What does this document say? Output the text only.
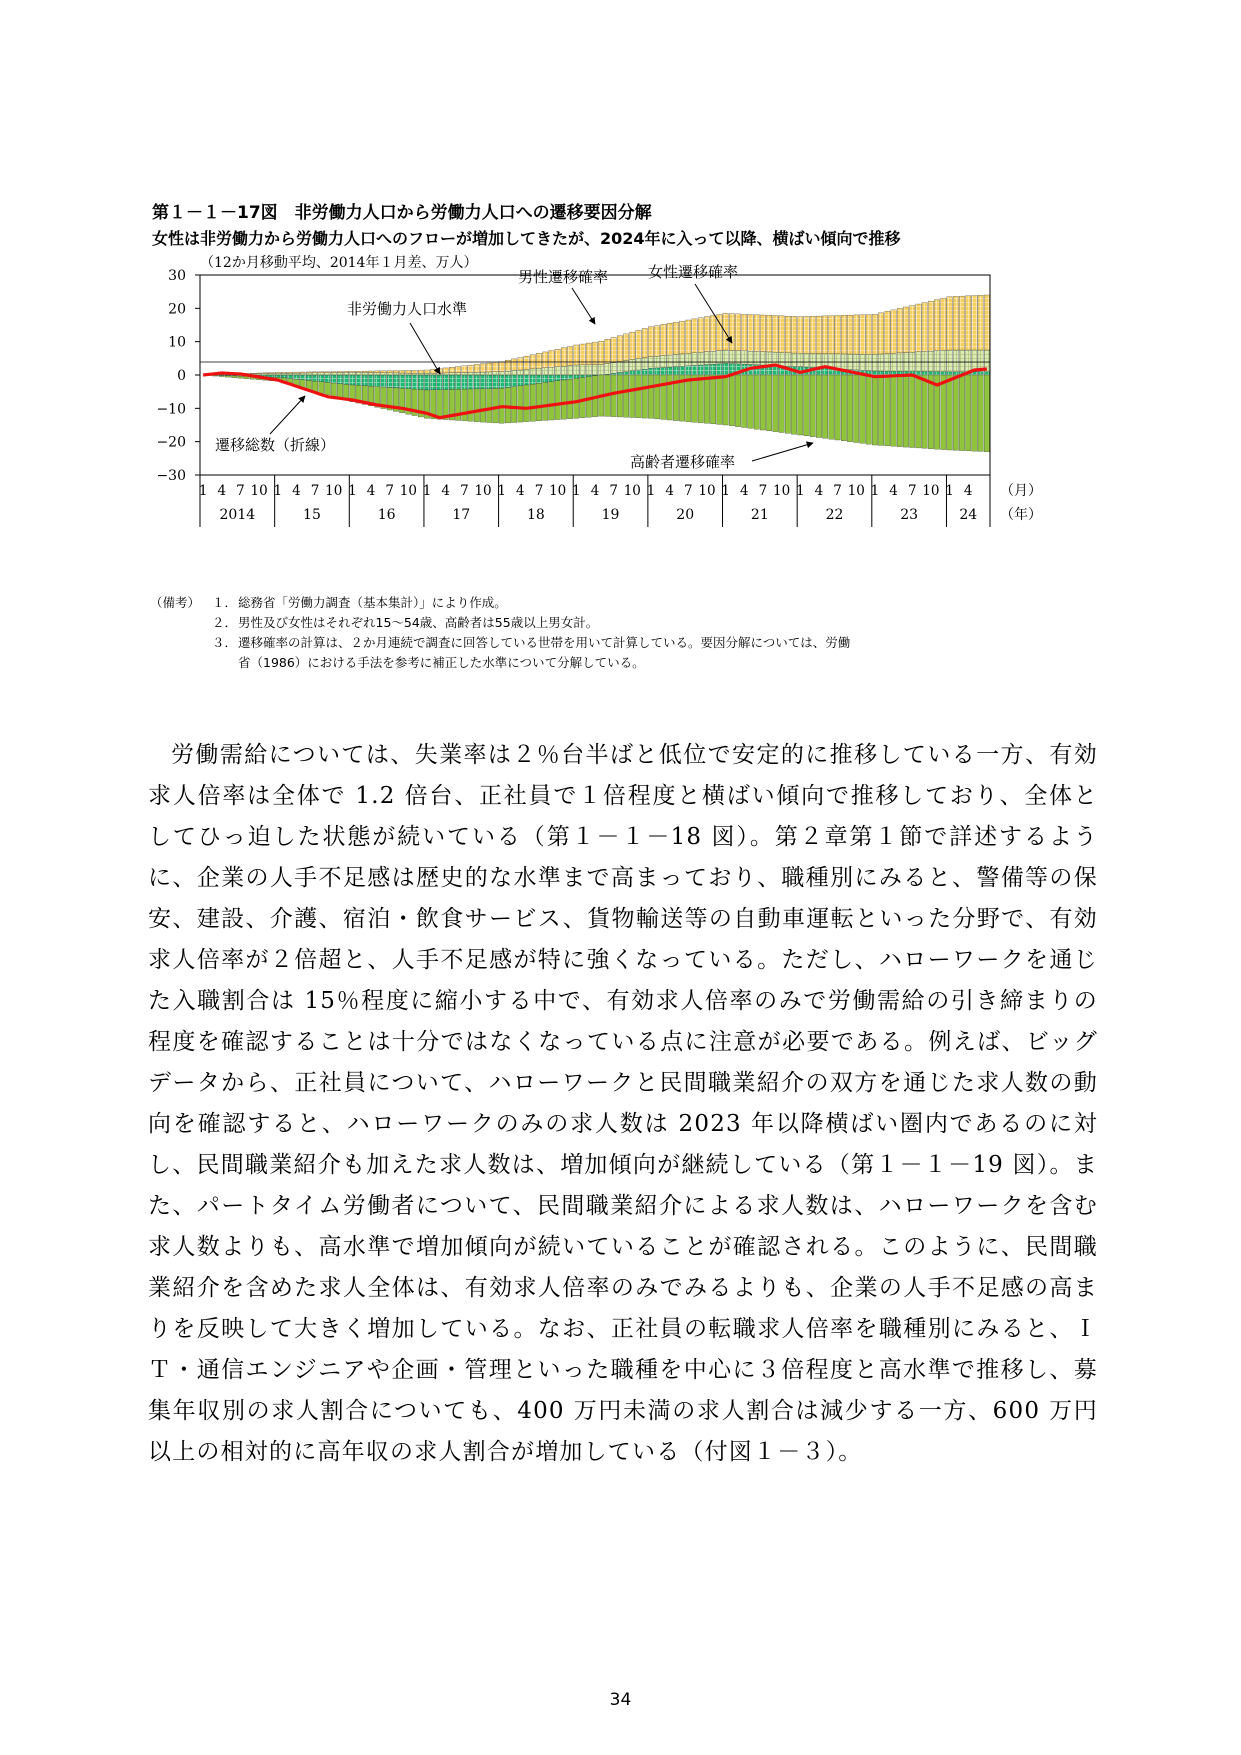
第１－１－17図　非労働力人口から労働力人口への遷移要因分解
女性は非労働力から労働力人口へのフローが増加してきたが、2024年に入って以降、横ばい傾向で推移
（12か月移動平均、2014年１月差、万人）
30
20
10
0
−10
−20
−30
1 4 7 10
2014
1 4 7 10
15
1 4 7 10
16
1 4 7 10
17
1 4 7 10
18
1 4 7 10
19
1 4 7 10
20
1 4 7 10
21
1 4 7 10
22
1 4 7 10
23
1 4
24
（月）
（年）
非労働力人口水準
男性遷移確率	女性遷移確率
遷移総数（折線）
高齢者遷移確率
（備考） １． 総務省「労働力調査（基本集計）」により作成。
２． 男性及び女性はそれぞれ15～54歳、高齢者は55歳以上男女計。
３． 遷移確率の計算は、２か月連続で調査に回答している世帯を用いて計算している。要因分解については、労働
省（1986）における手法を参考に補正した水準について分解している。

労働需給については、失業率は２％台半ばと低位で安定的に推移している一方、有効求人倍率は全体で 1.2 倍台、正社員で１倍程度と横ばい傾向で推移しており、全体としてひっ迫した状態が続いている（第１－１－18 図）。第２章第１節で詳述するように、企業の人手不足感は歴史的な水準まで高まっており、職種別にみると、警備等の保安、建設、介護、宿泊・飲食サービス、貨物輸送等の自動車運転といった分野で、有効求人倍率が２倍超と、人手不足感が特に強くなっている。ただし、ハローワークを通じた入職割合は 15％程度に縮小する中で、有効求人倍率のみで労働需給の引き締まりの程度を確認することは十分ではなくなっている点に注意が必要である。例えば、ビッグデータから、正社員について、ハローワークと民間職業紹介の双方を通じた求人数の動向を確認すると、ハローワークのみの求人数は 2023 年以降横ばい圏内であるのに対し、民間職業紹介も加えた求人数は、増加傾向が継続している（第１－１－19 図）。また、パートタイム労働者について、民間職業紹介による求人数は、ハローワークを含む求人数よりも、高水準で増加傾向が続いていることが確認される。このように、民間職業紹介を含めた求人全体は、有効求人倍率のみでみるよりも、企業の人手不足感の高まりを反映して大きく増加している。なお、正社員の転職求人倍率を職種別にみると、ＩＴ・通信エンジニアや企画・管理といった職種を中心に３倍程度と高水準で推移し、募集年収別の求人割合についても、400 万円未満の求人割合は減少する一方、600 万円以上の相対的に高年収の求人割合が増加している（付図１－３）。

34
